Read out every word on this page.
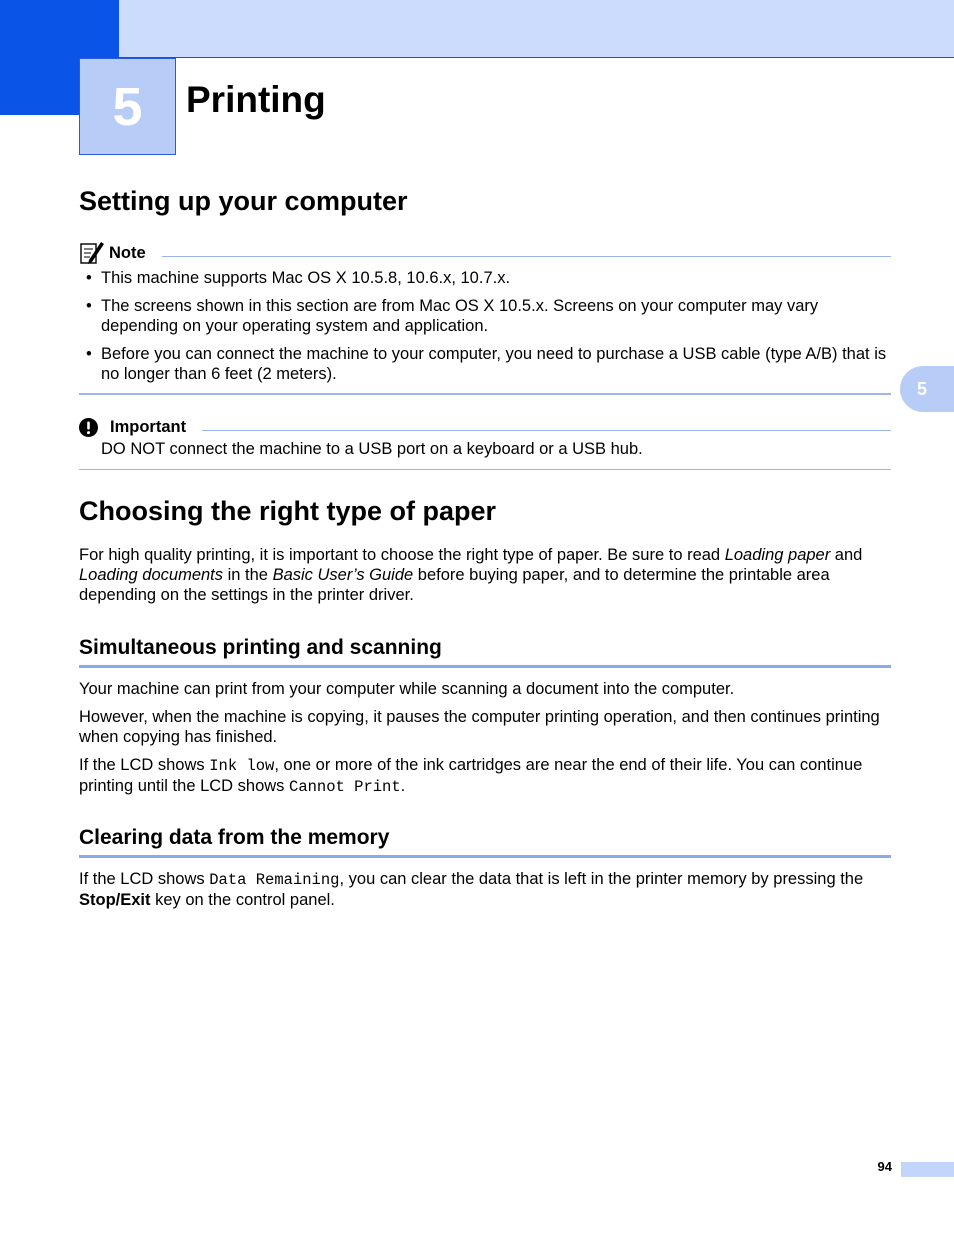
5 Printing
5
Setting up your computer
Note
• This machine supports Mac OS X 10.5.8, 10.6.x, 10.7.x.
• The screens shown in this section are from Mac OS X 10.5.x. Screens on your computer may vary depending on your operating system and application.
• Before you can connect the machine to your computer, you need to purchase a USB cable (type A/B) that is no longer than 6 feet (2 meters).
Important
DO NOT connect the machine to a USB port on a keyboard or a USB hub.
Choosing the right type of paper

For high quality printing, it is important to choose the right type of paper. Be sure to read Loading paper and Loading documents in the Basic User’s Guide before buying paper, and to determine the printable area depending on the settings in the printer driver.

Simultaneous printing and scanning

Your machine can print from your computer while scanning a document into the computer.

However, when the machine is copying, it pauses the computer printing operation, and then continues printing when copying has finished.

If the LCD shows Ink low, one or more of the ink cartridges are near the end of their life. You can continue printing until the LCD shows Cannot Print.

Clearing data from the memory

If the LCD shows Data Remaining, you can clear the data that is left in the printer memory by pressing the Stop/Exit key on the control panel.

94
